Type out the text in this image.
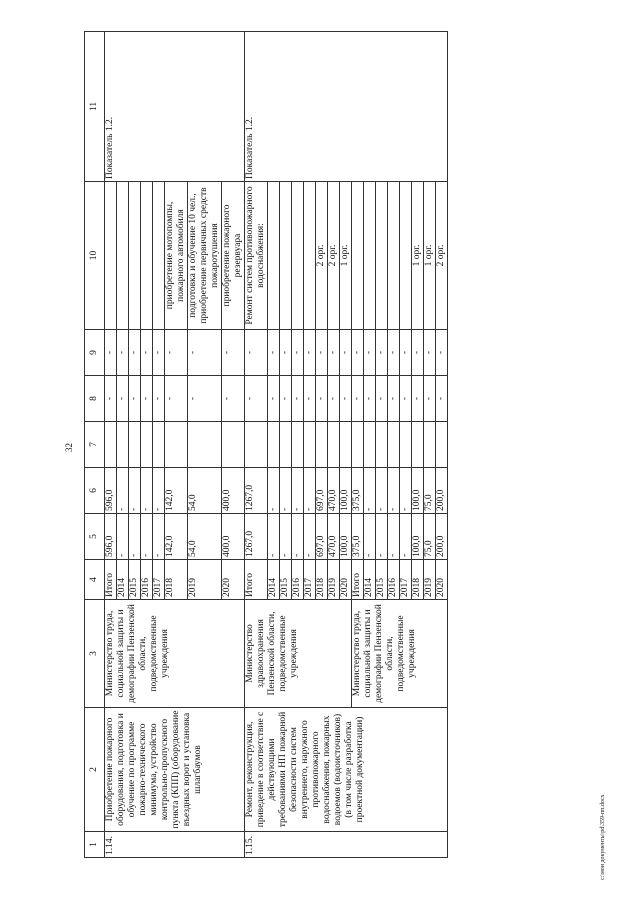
32
1	2	3	4	5	6	7	8	9	10	11
1.14.	Приобретение пожарного оборудования, подготовка и обучение по программе пожарно-технического минимума, устройство контрольно-пропускного пункта (КПП) (оборудование въездных ворот и установка шлагбаумов	Министерство труда, социальной защиты и демографии Пензенской области, подведомственные учреждения	Итого	596,0	596,0		-	-		Показатель 1.2.
			2014	-	-		-	-		
			2015	-	-		-	-		
			2016	-	-		-	-		
			2017	-	-		-	-		
			2018	142,0	142,0		-	-	приобретение мотопомпы, пожарного автомобиля	
			2019	54,0	54,0		-	-	подготовка и обучение 10 чел., приобретение первичных средств пожаротушения	
			2020	400,0	400,0		-	-	приобретение пожарного резервуара	
1.15.	Ремонт, реконструкция, приведение в соответствие с действующими требованиями НП пожарной безопасности систем внутреннего, наружного противопожарного водоснабжения, пожарных водоемов (водоисточников) (в том числе разработка проектной документации)	Министерство здравоохранения Пензенской области, подведомственные учреждения	Итого	1267,0	1267,0		-	-	Ремонт систем противопожарного водоснабжения:	Показатель 1.2.
			2014	-	-		-	-		
			2015	-	-		-	-		
			2016	-	-		-	-		
			2017	-	-		-	-		
			2018	697,0	697,0		-	-	2 орг.	
			2019	470,0	470,0		-	-	2 орг.	
			2020	100,0	100,0		-	-	1 орг.	
		Министерство труда, социальной защиты и демографии Пензенской области, подведомственные учреждения	Итого	375,0	375,0		-	-		
			2014	-	-		-	-		
			2015	-	-		-	-		
			2016	-	-		-	-		
			2017	-	-		-	-		
			2018	100,0	100,0		-	-	1 орг.	
			2019	75,0	75,0		-	-	1 орг.	
			2020	200,0	200,0		-	-	2 орг.	
c:\мои документы\pd\359-пп.docx
